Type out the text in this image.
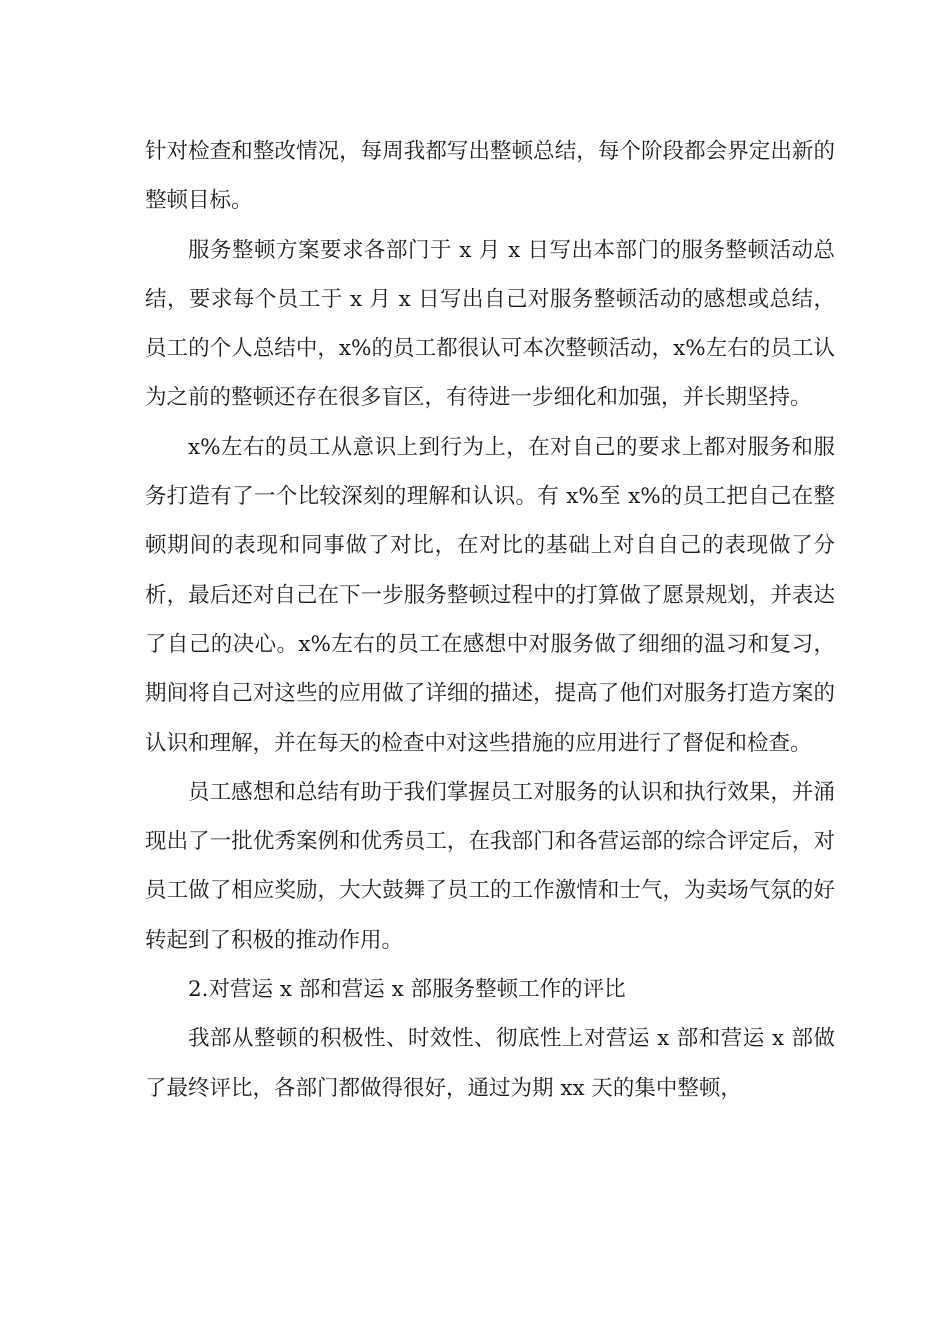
针对检查和整改情况，每周我都写出整顿总结，每个阶段都会界定出新的整顿目标。

服务整顿方案要求各部门于 x 月 x 日写出本部门的服务整顿活动总结，要求每个员工于 x 月 x 日写出自己对服务整顿活动的感想或总结，员工的个人总结中，x%的员工都很认可本次整顿活动，x%左右的员工认为之前的整顿还存在很多盲区，有待进一步细化和加强，并长期坚持。

x%左右的员工从意识上到行为上，在对自己的要求上都对服务和服务打造有了一个比较深刻的理解和认识。有 x%至 x%的员工把自己在整顿期间的表现和同事做了对比，在对比的基础上对自自己的表现做了分析，最后还对自己在下一步服务整顿过程中的打算做了愿景规划，并表达了自己的决心。x%左右的员工在感想中对服务做了细细的温习和复习，期间将自己对这些的应用做了详细的描述，提高了他们对服务打造方案的认识和理解，并在每天的检查中对这些措施的应用进行了督促和检查。

员工感想和总结有助于我们掌握员工对服务的认识和执行效果，并涌现出了一批优秀案例和优秀员工，在我部门和各营运部的综合评定后，对员工做了相应奖励，大大鼓舞了员工的工作激情和士气，为卖场气氛的好转起到了积极的推动作用。

2.对营运 x 部和营运 x 部服务整顿工作的评比

我部从整顿的积极性、时效性、彻底性上对营运 x 部和营运 x 部做了最终评比，各部门都做得很好，通过为期 xx 天的集中整顿，
